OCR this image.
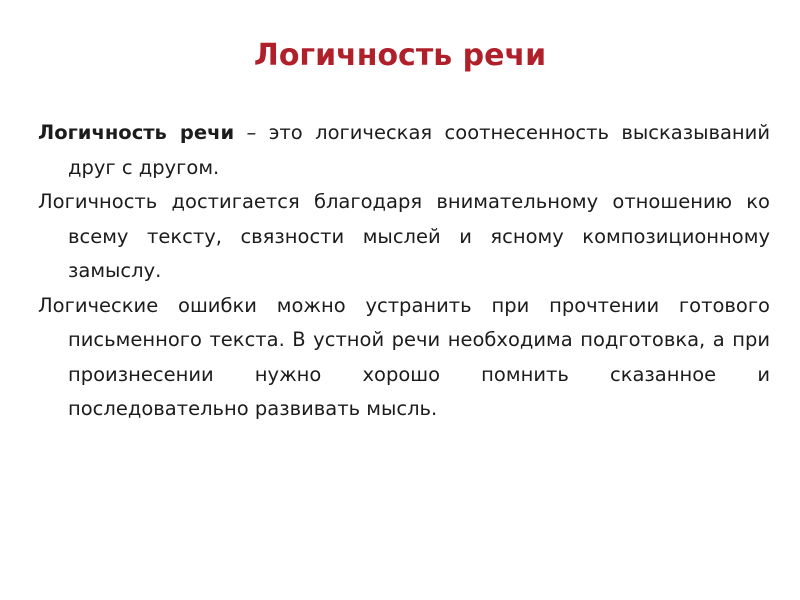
Логичность речи

Логичность речи – это логическая соотнесенность высказываний друг с другом.

Логичность достигается благодаря внимательному отношению ко всему тексту, связности мыслей и ясному композиционному замыслу.

Логические ошибки можно устранить при прочтении готового письменного текста. В устной речи необходима подготовка, а при произнесении нужно хорошо помнить сказанное и последовательно развивать мысль.
